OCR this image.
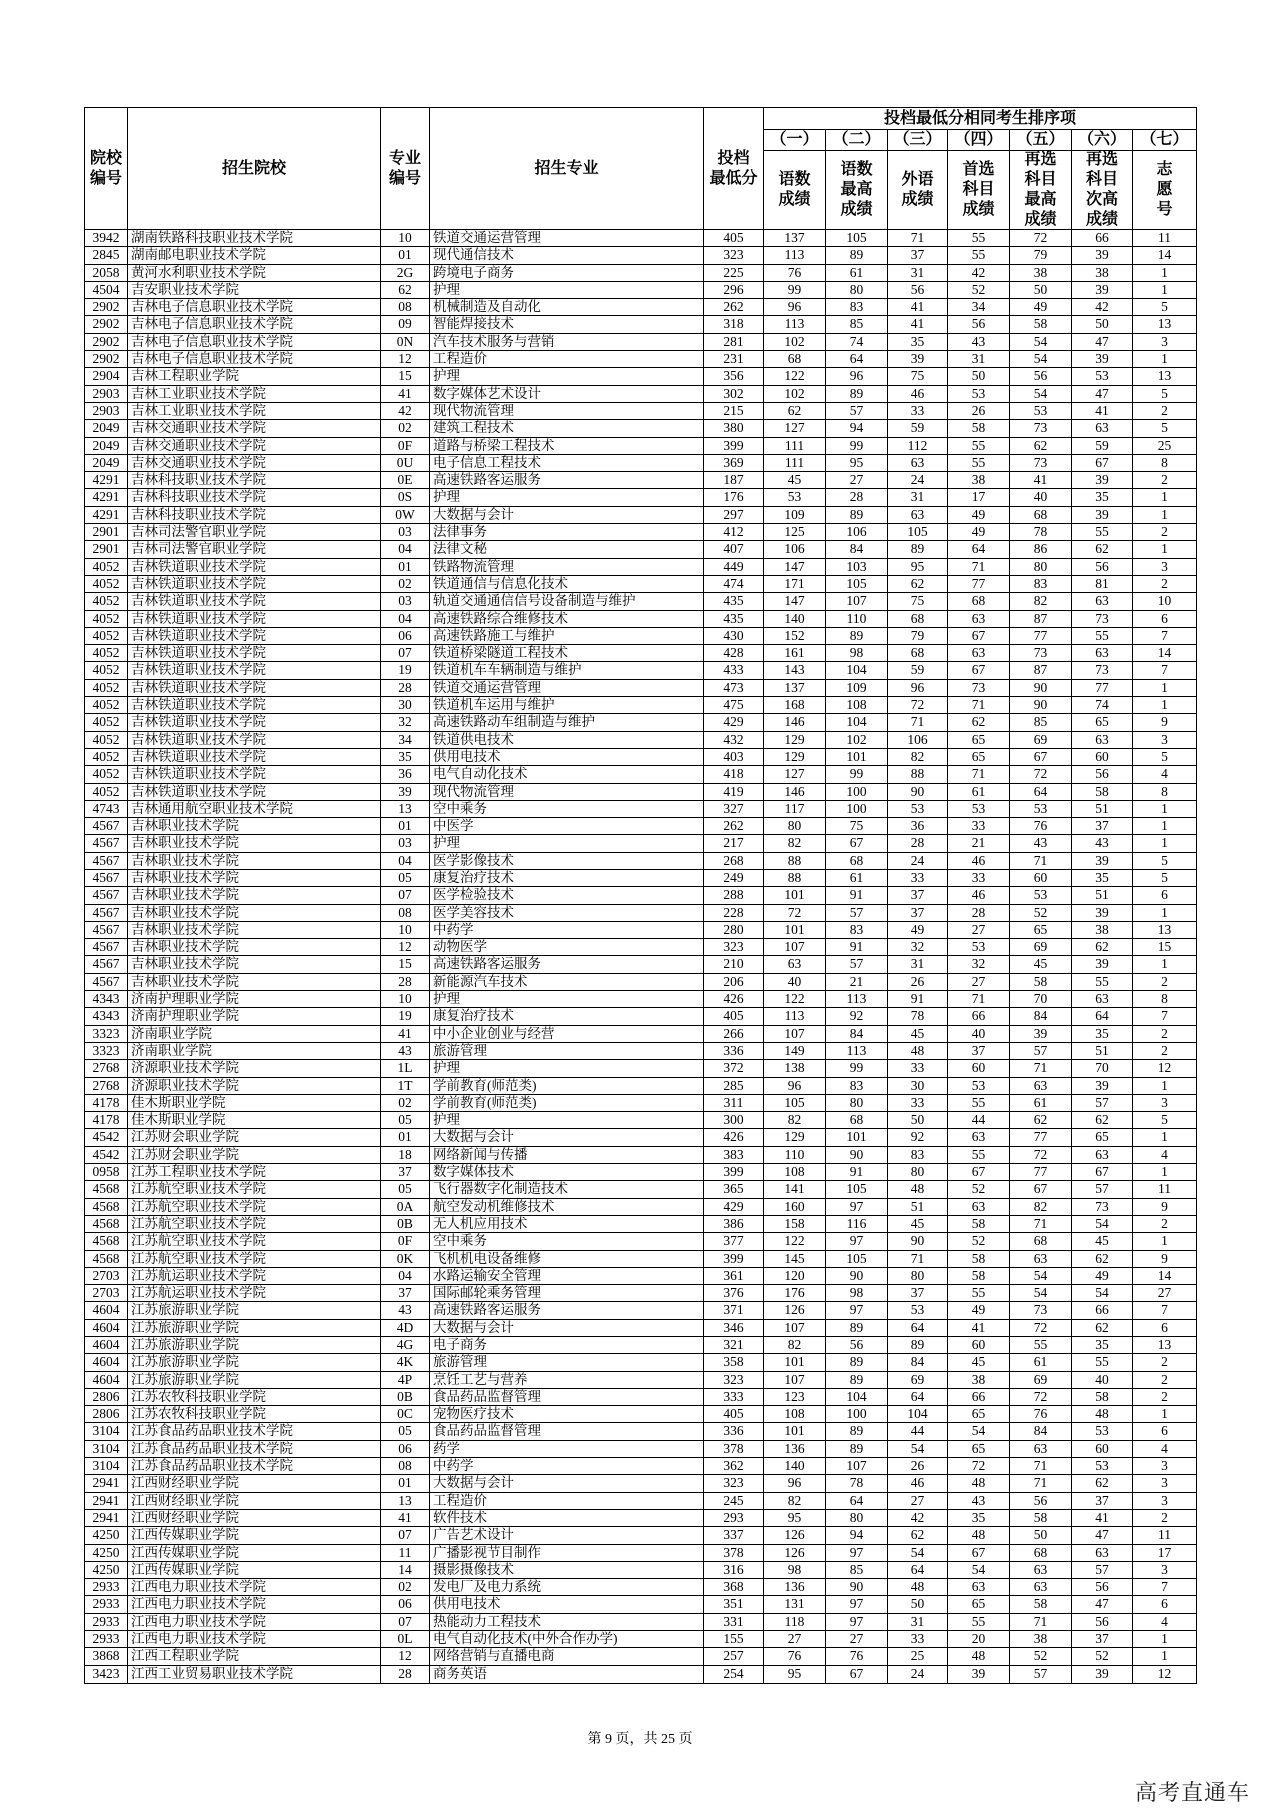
院校
编号
招生院校
专业
编号
招生专业
投档
最低分
投档最低分相同考生排序项
（一） （二） （三） （四） （五） （六） （七）
语数
成绩
语数
最高
成绩
外语
成绩
首选
科目
成绩
再选
科目
最高
成绩
再选
科目
次高
成绩
志
愿
号
3942 湖南铁路科技职业技术学院	10	铁道交通运营管理	405	137	105	71	55	72	66	11
2845 湖南邮电职业技术学院	01	现代通信技术	323	113	89	37	55	79	39	14
2058 黄河水利职业技术学院	2G	跨境电子商务	225	76	61	31	42	38	38	1
4504 吉安职业技术学院	62	护理	296	99	80	56	52	50	39	1
2902 吉林电子信息职业技术学院	08	机械制造及自动化	262	96	83	41	34	49	42	5
2902 吉林电子信息职业技术学院	09	智能焊接技术	318	113	85	41	56	58	50	13
2902 吉林电子信息职业技术学院	0N	汽车技术服务与营销	281	102	74	35	43	54	47	3
2902 吉林电子信息职业技术学院	12	工程造价	231	68	64	39	31	54	39	1
2904 吉林工程职业学院	15	护理	356	122	96	75	50	56	53	13
2903 吉林工业职业技术学院	41	数字媒体艺术设计	302	102	89	46	53	54	47	5
2903 吉林工业职业技术学院	42	现代物流管理	215	62	57	33	26	53	41	2
2049 吉林交通职业技术学院	02	建筑工程技术	380	127	94	59	58	73	63	5
2049 吉林交通职业技术学院	0F	道路与桥梁工程技术	399	111	99	112	55	62	59	25
2049 吉林交通职业技术学院	0U	电子信息工程技术	369	111	95	63	55	73	67	8
4291 吉林科技职业技术学院	0E	高速铁路客运服务	187	45	27	24	38	41	39	2
4291 吉林科技职业技术学院	0S	护理	176	53	28	31	17	40	35	1
4291 吉林科技职业技术学院	0W	大数据与会计	297	109	89	63	49	68	39	1
2901 吉林司法警官职业学院	03	法律事务	412	125	106	105	49	78	55	2
2901 吉林司法警官职业学院	04	法律文秘	407	106	84	89	64	86	62	1
4052 吉林铁道职业技术学院	01	铁路物流管理	449	147	103	95	71	80	56	3
4052 吉林铁道职业技术学院	02	铁道通信与信息化技术	474	171	105	62	77	83	81	2
4052 吉林铁道职业技术学院	03	轨道交通通信信号设备制造与维护	435	147	107	75	68	82	63	10
4052 吉林铁道职业技术学院	04	高速铁路综合维修技术	435	140	110	68	63	87	73	6
4052 吉林铁道职业技术学院	06	高速铁路施工与维护	430	152	89	79	67	77	55	7
4052 吉林铁道职业技术学院	07	铁道桥梁隧道工程技术	428	161	98	68	63	73	63	14
4052 吉林铁道职业技术学院	19	铁道机车车辆制造与维护	433	143	104	59	67	87	73	7
4052 吉林铁道职业技术学院	28	铁道交通运营管理	473	137	109	96	73	90	77	1
4052 吉林铁道职业技术学院	30	铁道机车运用与维护	475	168	108	72	71	90	74	1
4052 吉林铁道职业技术学院	32	高速铁路动车组制造与维护	429	146	104	71	62	85	65	9
4052 吉林铁道职业技术学院	34	铁道供电技术	432	129	102	106	65	69	63	3
4052 吉林铁道职业技术学院	35	供用电技术	403	129	101	82	65	67	60	5
4052 吉林铁道职业技术学院	36	电气自动化技术	418	127	99	88	71	72	56	4
4052 吉林铁道职业技术学院	39	现代物流管理	419	146	100	90	61	64	58	8
4743 吉林通用航空职业技术学院	13	空中乘务	327	117	100	53	53	53	51	1
4567 吉林职业技术学院	01	中医学	262	80	75	36	33	76	37	1
4567 吉林职业技术学院	03	护理	217	82	67	28	21	43	43	1
4567 吉林职业技术学院	04	医学影像技术	268	88	68	24	46	71	39	5
4567 吉林职业技术学院	05	康复治疗技术	249	88	61	33	33	60	35	5
4567 吉林职业技术学院	07	医学检验技术	288	101	91	37	46	53	51	6
4567 吉林职业技术学院	08	医学美容技术	228	72	57	37	28	52	39	1
4567 吉林职业技术学院	10	中药学	280	101	83	49	27	65	38	13
4567 吉林职业技术学院	12	动物医学	323	107	91	32	53	69	62	15
4567 吉林职业技术学院	15	高速铁路客运服务	210	63	57	31	32	45	39	1
4567 吉林职业技术学院	28	新能源汽车技术	206	40	21	26	27	58	55	2
4343 济南护理职业学院	10	护理	426	122	113	91	71	70	63	8
4343 济南护理职业学院	19	康复治疗技术	405	113	92	78	66	84	64	7
3323 济南职业学院	41	中小企业创业与经营	266	107	84	45	40	39	35	2
3323 济南职业学院	43	旅游管理	336	149	113	48	37	57	51	2
2768 济源职业技术学院	1L	护理	372	138	99	33	60	71	70	12
2768 济源职业技术学院	1T	学前教育(师范类)	285	96	83	30	53	63	39	1
4178 佳木斯职业学院	02	学前教育(师范类)	311	105	80	33	55	61	57	3
4178 佳木斯职业学院	05	护理	300	82	68	50	44	62	62	5
4542 江苏财会职业学院	01	大数据与会计	426	129	101	92	63	77	65	1
4542 江苏财会职业学院	18	网络新闻与传播	383	110	90	83	55	72	63	4
0958 江苏工程职业技术学院	37	数字媒体技术	399	108	91	80	67	77	67	1
4568 江苏航空职业技术学院	05	飞行器数字化制造技术	365	141	105	48	52	67	57	11
4568 江苏航空职业技术学院	0A	航空发动机维修技术	429	160	97	51	63	82	73	9
4568 江苏航空职业技术学院	0B	无人机应用技术	386	158	116	45	58	71	54	2
4568 江苏航空职业技术学院	0F	空中乘务	377	122	97	90	52	68	45	1
4568 江苏航空职业技术学院	0K	飞机机电设备维修	399	145	105	71	58	63	62	9
2703 江苏航运职业技术学院	04	水路运输安全管理	361	120	90	80	58	54	49	14
2703 江苏航运职业技术学院	37	国际邮轮乘务管理	376	176	98	37	55	54	54	27
4604 江苏旅游职业学院	43	高速铁路客运服务	371	126	97	53	49	73	66	7
4604 江苏旅游职业学院	4D	大数据与会计	346	107	89	64	41	72	62	6
4604 江苏旅游职业学院	4G	电子商务	321	82	56	89	60	55	35	13
4604 江苏旅游职业学院	4K	旅游管理	358	101	89	84	45	61	55	2
4604 江苏旅游职业学院	4P	烹饪工艺与营养	323	107	89	69	38	69	40	2
2806 江苏农牧科技职业学院	0B	食品药品监督管理	333	123	104	64	66	72	58	2
2806 江苏农牧科技职业学院	0C	宠物医疗技术	405	108	100	104	65	76	48	1
3104 江苏食品药品职业技术学院	05	食品药品监督管理	336	101	89	44	54	84	53	6
3104 江苏食品药品职业技术学院	06	药学	378	136	89	54	65	63	60	4
3104 江苏食品药品职业技术学院	08	中药学	362	140	107	26	72	71	53	3
2941 江西财经职业学院	01	大数据与会计	323	96	78	46	48	71	62	3
2941 江西财经职业学院	13	工程造价	245	82	64	27	43	56	37	3
2941 江西财经职业学院	41	软件技术	293	95	80	42	35	58	41	2
4250 江西传媒职业学院	07	广告艺术设计	337	126	94	62	48	50	47	11
4250 江西传媒职业学院	11	广播影视节目制作	378	126	97	54	67	68	63	17
4250 江西传媒职业学院	14	摄影摄像技术	316	98	85	64	54	63	57	3
2933 江西电力职业技术学院	02	发电厂及电力系统	368	136	90	48	63	63	56	7
2933 江西电力职业技术学院	06	供用电技术	351	131	97	50	65	58	47	6
2933 江西电力职业技术学院	07	热能动力工程技术	331	118	97	31	55	71	56	4
2933 江西电力职业技术学院	0L	电气自动化技术(中外合作办学)	155	27	27	33	20	38	37	1
3868 江西工程职业学院	12	网络营销与直播电商	257	76	76	25	48	52	52	1
3423 江西工业贸易职业技术学院	28	商务英语	254	95	67	24	39	57	39	12
第 9 页，共 25 页
高考直通车
